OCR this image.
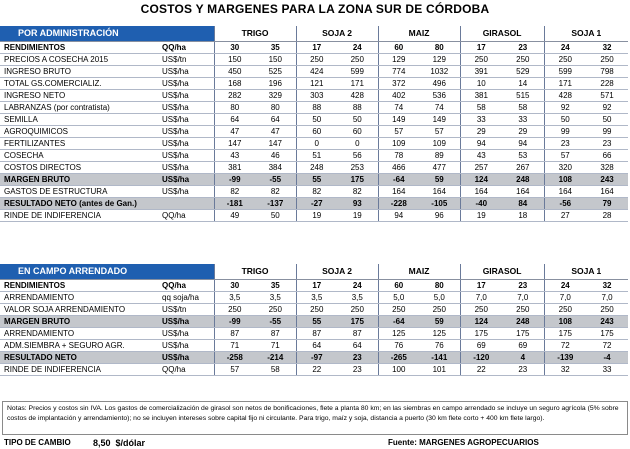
COSTOS Y MARGENES PARA LA ZONA SUR DE CÓRDOBA
POR ADMINISTRACIÓN		TRIGO		SOJA 2		MAIZ		GIRASOL		SOJA 1	
RENDIMIENTOS	QQ/ha	30	35	17	24	60	80	17	23	24	32
PRECIOS A COSECHA 2015	US$/tn	150	150	250	250	129	129	250	250	250	250
INGRESO BRUTO	US$/ha	450	525	424	599	774	1032	391	529	599	798
TOTAL GS.COMERCIALIZ.	US$/ha	168	196	121	171	372	496	10	14	171	228
INGRESO NETO	US$/ha	282	329	303	428	402	536	381	515	428	571
LABRANZAS (por contratista)	US$/ha	80	80	88	88	74	74	58	58	92	92
SEMILLA	US$/ha	64	64	50	50	149	149	33	33	50	50
AGROQUIMICOS	US$/ha	47	47	60	60	57	57	29	29	99	99
FERTILIZANTES	US$/ha	147	147	0	0	109	109	94	94	23	23
COSECHA	US$/ha	43	46	51	56	78	89	43	53	57	66
COSTOS DIRECTOS	US$/ha	381	384	248	253	466	477	257	267	320	328
MARGEN BRUTO	US$/ha	-99	-55	55	175	-64	59	124	248	108	243
GASTOS DE ESTRUCTURA	US$/ha	82	82	82	82	164	164	164	164	164	164
RESULTADO NETO (antes de Gan.)		-181	-137	-27	93	-228	-105	-40	84	-56	79
RINDE DE INDIFERENCIA	QQ/ha	49	50	19	19	94	96	19	18	27	28
EN CAMPO ARRENDADO		TRIGO		SOJA 2		MAIZ		GIRASOL		SOJA 1	
RENDIMIENTOS	QQ/ha	30	35	17	24	60	80	17	23	24	32
ARRENDAMIENTO	qq soja/ha	3,5	3,5	3,5	3,5	5,0	5,0	7,0	7,0	7,0	7,0
VALOR SOJA ARRENDAMIENTO	US$/tn	250	250	250	250	250	250	250	250	250	250
MARGEN BRUTO	US$/ha	-99	-55	55	175	-64	59	124	248	108	243
ARRENDAMIENTO	US$/ha	87	87	87	87	125	125	175	175	175	175
ADM.SIEMBRA + SEGURO AGR.	US$/ha	71	71	64	64	76	76	69	69	72	72
RESULTADO NETO	US$/ha	-258	-214	-97	23	-265	-141	-120	4	-139	-4
RINDE DE INDIFERENCIA	QQ/ha	57	58	22	23	100	101	22	23	32	33
Notas: Precios y costos sin IVA. Los gastos de comercialización de girasol son netos de bonificaciones, flete a planta 80 km; en las siembras en campo arrendado se incluye un seguro agrícola (5% sobre costos de implantación y arrendamiento); no se incluyen intereses sobre capital fijo ni circulante. Para trigo, maíz y soja, distancia a puerto (30 km flete corto + 400 km flete largo).
TIPO DE CAMBIO 8,50 $/dólar	Fuente: MARGENES AGROPECUARIOS
